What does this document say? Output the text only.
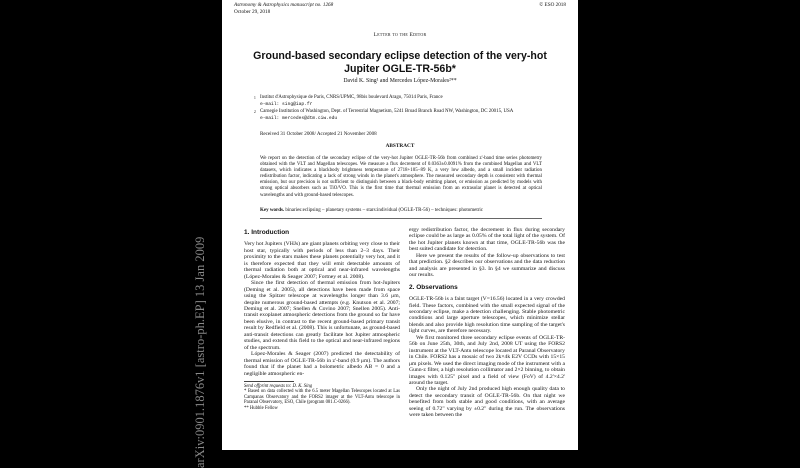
Astronomy & Astrophysics manuscript no. 1268
October 29, 2018
© ESO 2018
Letter to the Editor
Ground-based secondary eclipse detection of the very-hot Jupiter OGLE-TR-56b*
David K. Sing¹ and Mercedes López-Morales²**
1 Institut d'Astrophysique de Paris, CNRS/UPMC, 98bis boulevard Arago, 75014 Paris, France
e-mail: sing@iap.fr
2 Carnegie Institution of Washington, Dept. of Terrestrial Magnetism, 5241 Broad Branch Road NW, Washington, DC 20015, USA
e-mail: mercedes@dtm.ciw.edu
Received 31 October 2008/ Accepted 21 November 2008
ABSTRACT
We report on the detection of the secondary eclipse of the very-hot Jupiter OGLE-TR-56b from combined z'-band time series photometry obtained with the VLT and Magellan telescopes. We measure a flux decrement of 0.0363±0.0091% from the combined Magellan and VLT datasets, which indicates a blackbody brightness temperature of 2718+105−89 K, a very low albedo, and a small incident radiation redistribution factor, indicating a lack of strong winds in the planet's atmosphere. The measured secondary depth is consistent with thermal emission, but our precision is not sufficient to distinguish between a black-body emitting planet, or emission as predicted by models with strong optical absorbers such as TiO/VO. This is the first time that thermal emission from an extrasolar planet is detected at optical wavelengths and with ground-based telescopes.
Key words. binaries:eclipsing – planetary systems – stars:individual (OGLE-TR-56) – techniques: photometric
1. Introduction

Very hot Jupiters (VHJs) are giant planets orbiting very close to their host star, typically with periods of less than 2–3 days. Their proximity to the stars makes these planets potentially very hot, and it is therefore expected that they will emit detectable amounts of thermal radiation both at optical and near-infrared wavelengths (López-Morales & Seager 2007; Fortney et al. 2008).

Since the first detection of thermal emission from hot-Jupiters (Deming et al. 2005), all detections have been made from space using the Spitzer telescope at wavelengths longer than 3.6 μm, despite numerous ground-based attempts (e.g. Knutson et al. 2007; Deming et al. 2007; Snellen & Covino 2007; Snellen 2005). Anti-transit exoplanet atmospheric detections from the ground so far have been elusive, in contrast to the recent ground-based primary transit result by Redfield et al. (2008). This is unfortunate, as ground-based anti-transit detections can greatly facilitate hot Jupiter atmospheric studies, and extend this field to the optical and near-infrared regions of the spectrum.

López-Morales & Seager (2007) predicted the detectability of thermal emission of OGLE-TR-56b in z'-band (0.9 μm). The authors found that if the planet had a bolometric albedo AB = 0 and a negligible atmospheric en-

Send offprint requests to: D. K. Sing

* Based on data collected with the 6.5 meter Magellan Telescopes located at Las Campanas Observatory and the FORS2 imager at the VLT-Antu telescope in Paranal Observatory, ESO, Chile (program 081.C-0266).

** Hubble Fellow

ergy redistribution factor, the decrement in flux during secondary eclipse could be as large as 0.05% of the total light of the system. Of the hot Jupiter planets known at that time, OGLE-TR-56b was the best suited candidate for detection.

Here we present the results of the follow-up observations to test that prediction. §2 describes our observations and the data reduction and analysis are presented in §3. In §4 we summarize and discuss our results.

2. Observations

OGLE-TR-56b is a faint target (V=16.56) located in a very crowded field. These factors, combined with the small expected signal of the secondary eclipse, make a detection challenging. Stable photometric conditions and large aperture telescopes, which minimize stellar blends and also provide high resolution time sampling of the target's light curves, are therefore necessary.

We first monitored three secondary eclipse events of OGLE-TR-56b on June 25th, 30th, and July 2nd, 2008 UT using the FORS2 instrument at the VLT-Antu telescope located at Paranal Observatory in Chile. FORS2 has a mosaic of two 2k×4k E2V CCDs with 15×15 μm pixels. We used the direct imaging mode of the instrument with a Gunn-z filter, a high resolution collimator and 2×2 binning, to obtain images with 0.125" pixel and a field of view (FoV) of 4.2'×4.2' around the target.

Only the night of July 2nd produced high enough quality data to detect the secondary transit of OGLE-TR-56b. On that night we benefited from both stable and good conditions, with an average seeing of 0.72" varying by ±0.2" during the run. The observations were taken between the

arXiv:0901.1876v1 [astro-ph.EP] 13 Jan 2009
